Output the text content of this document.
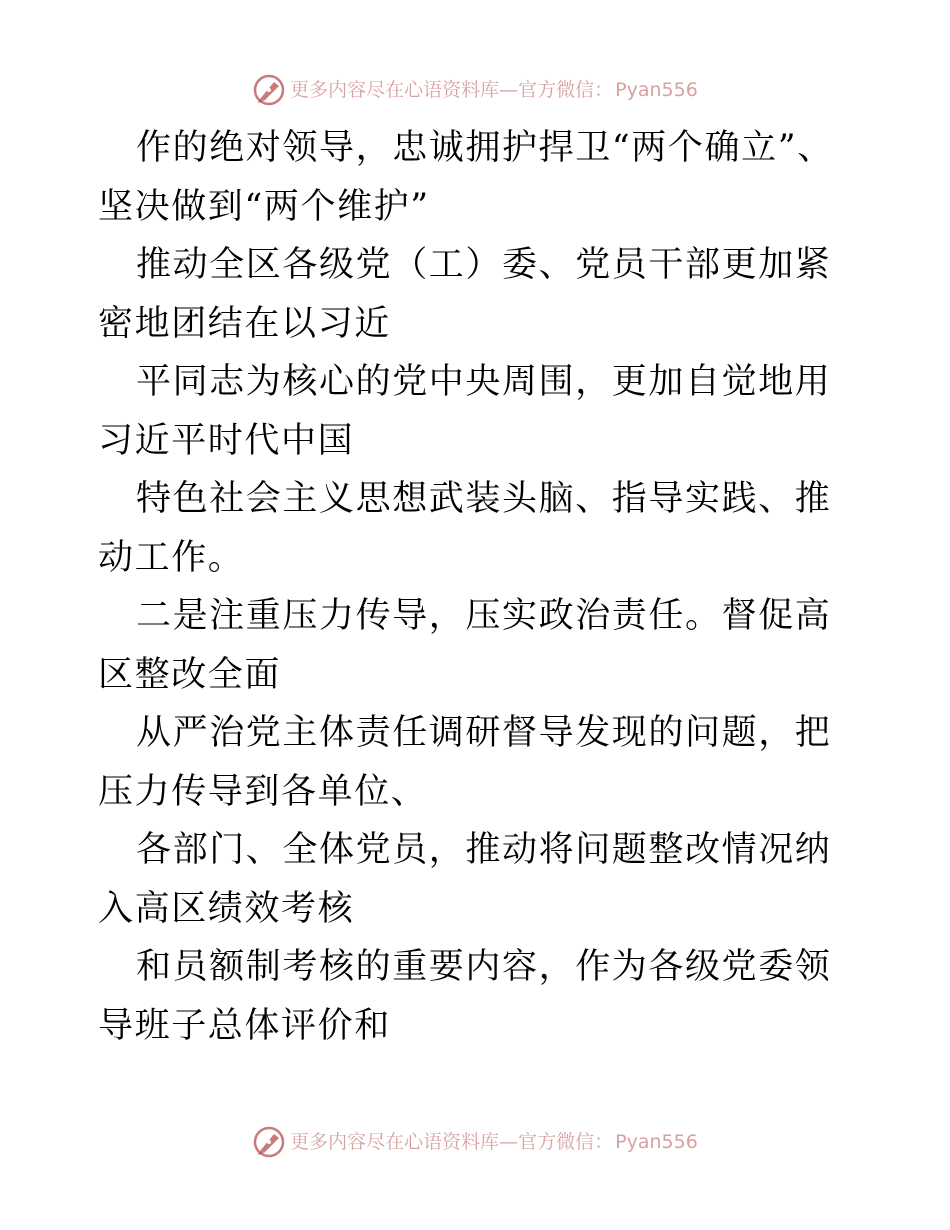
更多内容尽在心语资料库—官方微信： Pyan556

作的绝对领导，忠诚拥护捍卫“两个确立”、坚决做到“两个维护”

推动全区各级党（工）委、党员干部更加紧密地团结在以习近

平同志为核心的党中央周围，更加自觉地用习近平时代中国

特色社会主义思想武装头脑、指导实践、推动工作。

二是注重压力传导，压实政治责任。督促高区整改全面

从严治党主体责任调研督导发现的问题，把压力传导到各单位、

各部门、全体党员，推动将问题整改情况纳入高区绩效考核

和员额制考核的重要内容，作为各级党委领导班子总体评价和

更多内容尽在心语资料库—官方微信： Pyan556
